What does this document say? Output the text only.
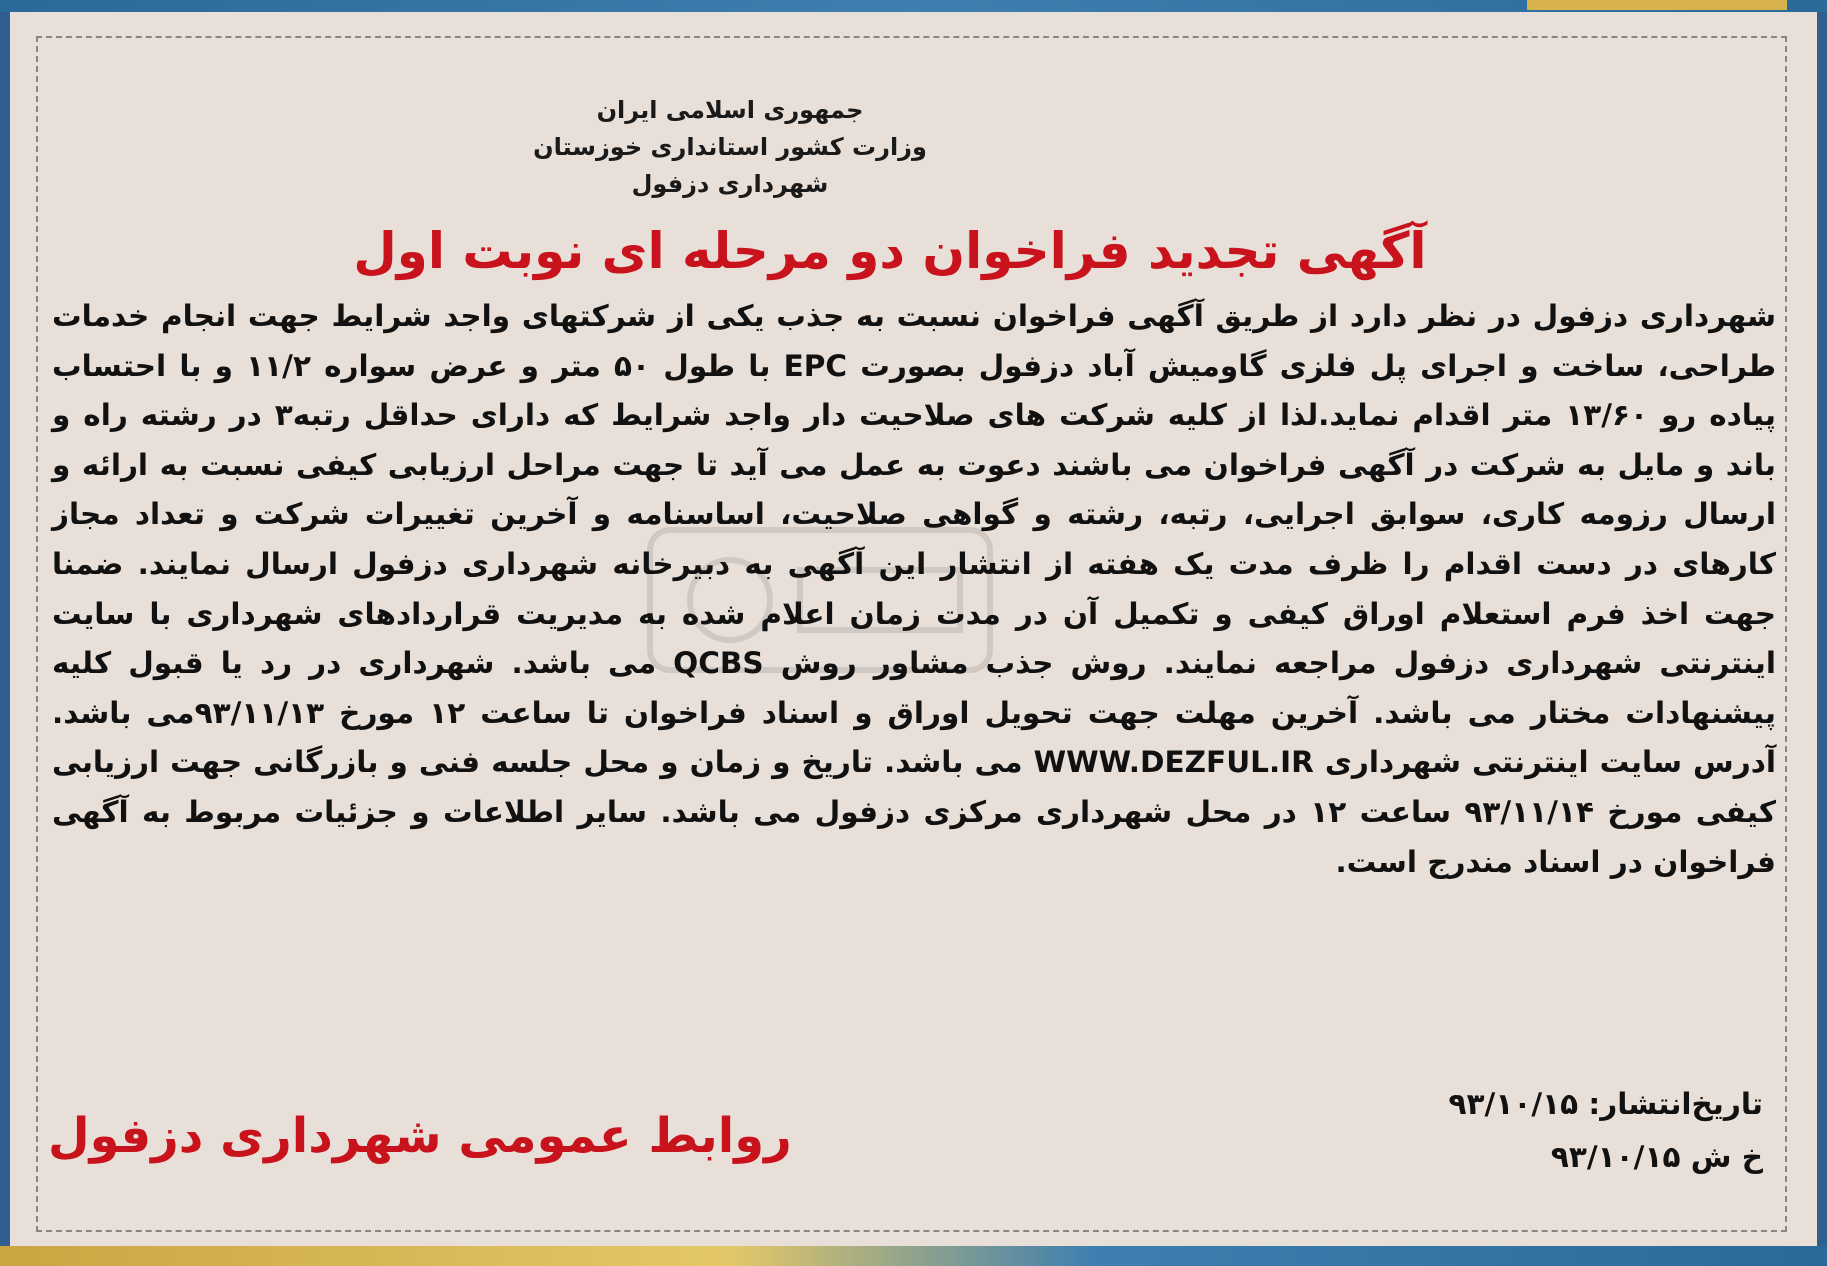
جمهوری اسلامی ایران
وزارت کشور استانداری خوزستان
شهرداری دزفول
آگهی تجدید فراخوان دو مرحله ای نوبت اول

شهرداری دزفول در نظر دارد از طریق آگهی فراخوان نسبت به جذب یکی از شرکتهای واجد شرایط جهت انجام خدمات طراحی، ساخت و اجرای پل فلزی گاومیش آباد دزفول بصورت EPC با طول ۵۰ متر و عرض سواره ۱۱/۲ و با احتساب پیاده رو ۱۳/۶۰ متر اقدام نماید.لذا از کلیه شرکت های صلاحیت دار واجد شرایط که دارای حداقل رتبه۳ در رشته راه و باند و مایل به شرکت در آگهی فراخوان می باشند دعوت به عمل می آید تا جهت مراحل ارزیابی کیفی نسبت به ارائه و ارسال رزومه کاری، سوابق اجرایی، رتبه، رشته و گواهی صلاحیت، اساسنامه و آخرین تغییرات شرکت و تعداد مجاز کارهای در دست اقدام را ظرف مدت یک هفته از انتشار این آگهی به دبیرخانه شهرداری دزفول ارسال نمایند. ضمنا جهت اخذ فرم استعلام اوراق کیفی و تکمیل آن در مدت زمان اعلام شده به مدیریت قراردادهای شهرداری با سایت اینترنتی شهرداری دزفول مراجعه نمایند. روش جذب مشاور روش QCBS می باشد. شهرداری در رد یا قبول کلیه پیشنهادات مختار می باشد. آخرین مهلت جهت تحویل اوراق و اسناد فراخوان تا ساعت ۱۲ مورخ ۹۳/۱۱/۱۳می باشد. آدرس سایت اینترنتی شهرداری WWW.DEZFUL.IR می باشد. تاریخ و زمان و محل جلسه فنی و بازرگانی جهت ارزیابی کیفی مورخ ۹۳/۱۱/۱۴ ساعت ۱۲ در محل شهرداری مرکزی دزفول می باشد. سایر اطلاعات و جزئیات مربوط به آگهی فراخوان در اسناد مندرج است.

تاریخ‌انتشار: ۹۳/۱۰/۱۵
خ ش ۹۳/۱۰/۱۵
روابط عمومی شهرداری دزفول
